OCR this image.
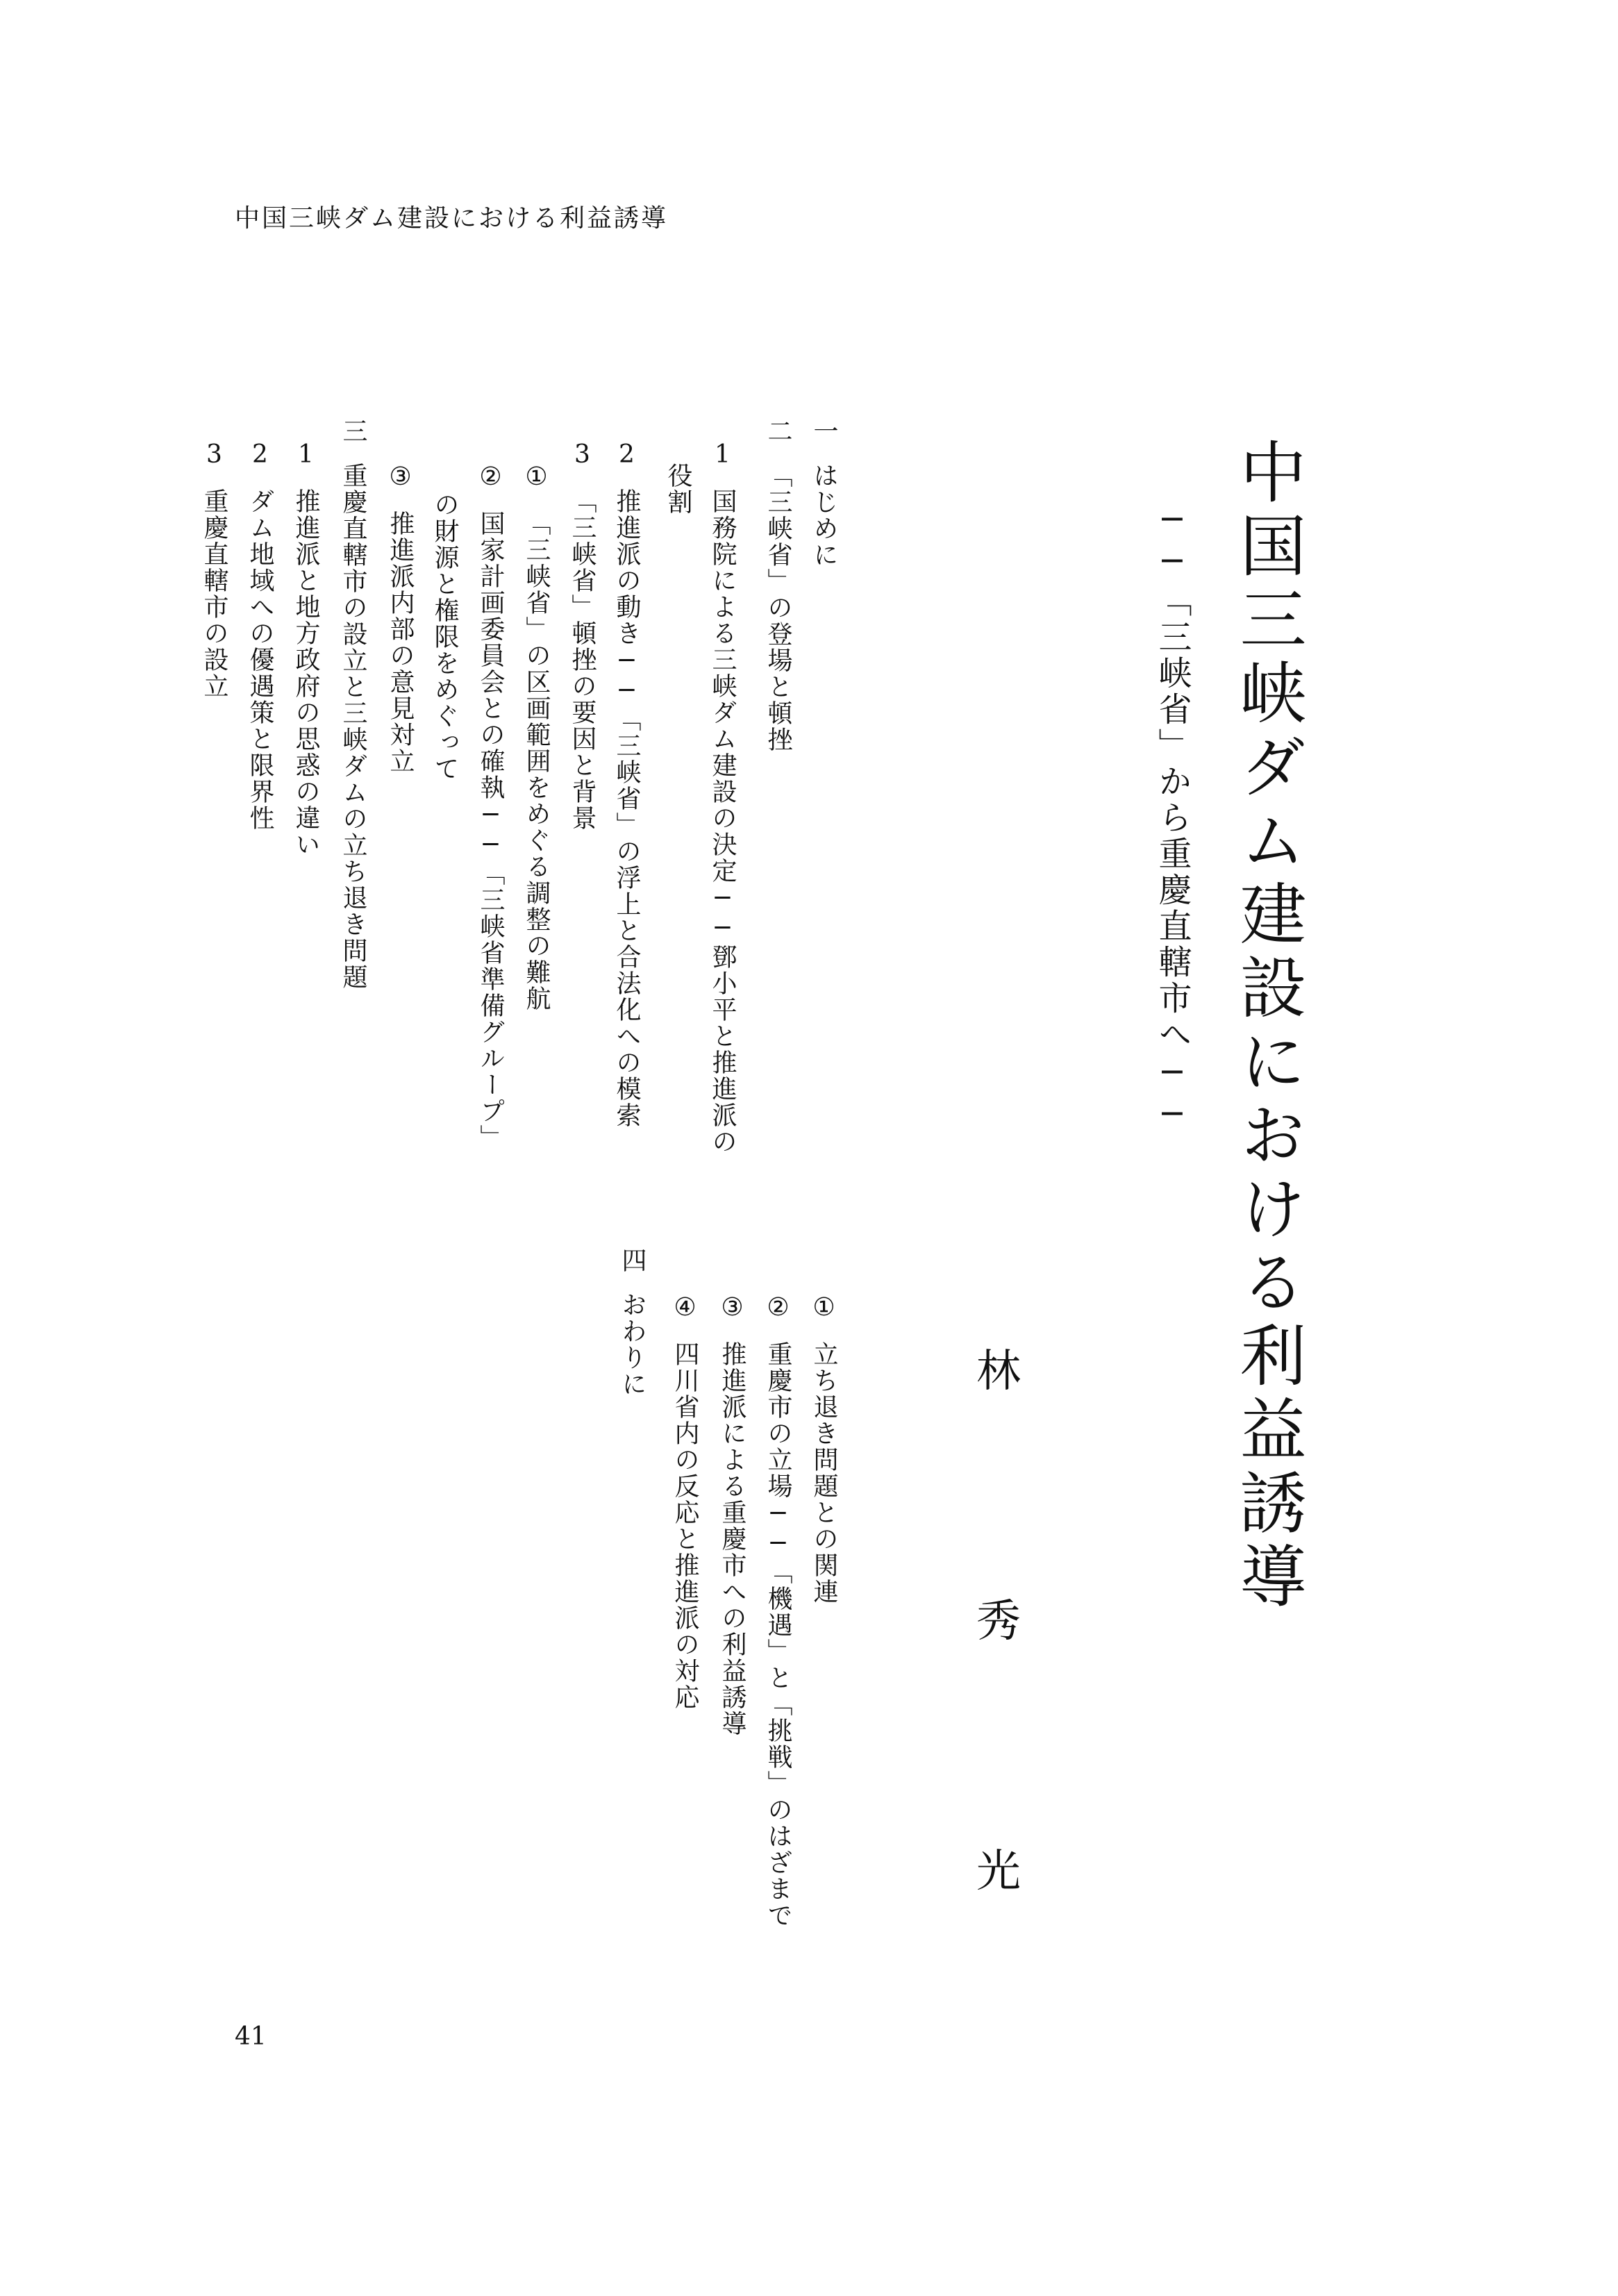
中国三峡ダム建設における利益誘導
中国三峡ダム建設における利益誘導
──「三峡省」から重慶直轄市へ──
林
秀
光
一はじめに
二「三峡省」の登場と頓挫
1国務院による三峡ダム建設の決定──鄧小平と推進派の
役割
2推進派の動き──「三峡省」の浮上と合法化への模索
3「三峡省」頓挫の要因と背景
①「三峡省」の区画範囲をめぐる調整の難航
②国家計画委員会との確執──「三峡省準備グループ」
の財源と権限をめぐって
③推進派内部の意見対立
三重慶直轄市の設立と三峡ダムの立ち退き問題
1推進派と地方政府の思惑の違い
2ダム地域への優遇策と限界性
3重慶直轄市の設立
①立ち退き問題との関連
②重慶市の立場──「機遇」と「挑戦」のはざまで
③推進派による重慶市への利益誘導
④四川省内の反応と推進派の対応
四おわりに
41
